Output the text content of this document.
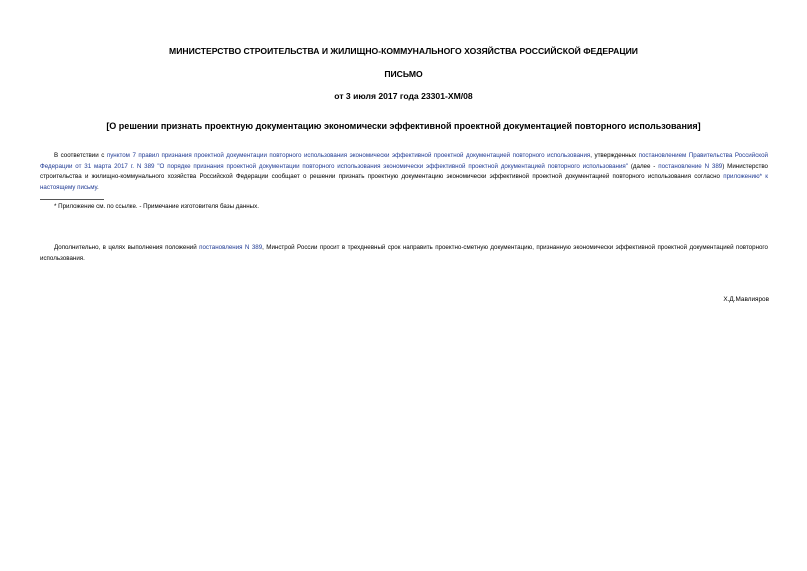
МИНИСТЕРСТВО СТРОИТЕЛЬСТВА И ЖИЛИЩНО-КОММУНАЛЬНОГО ХОЗЯЙСТВА РОССИЙСКОЙ ФЕДЕРАЦИИ
ПИСЬМО
от 3 июля 2017 года 23301-ХМ/08
[О решении признать проектную документацию экономически эффективной проектной документацией повторного использования]
В соответствии с пунктом 7 правил признания проектной документации повторного использования экономически эффективной проектной документацией повторного использования, утвержденных постановлением Правительства Российской Федерации от 31 марта 2017 г. N 389 "О порядке признания проектной документации повторного использования экономически эффективной проектной документацией повторного использования" (далее - постановление N 389) Министерство строительства и жилищно-коммунального хозяйства Российской Федерации сообщает о решении признать проектную документацию экономически эффективной проектной документацией повторного использования согласно приложению* к настоящему письму.
* Приложение см. по ссылке. - Примечание изготовителя базы данных.
Дополнительно, в целях выполнения положений постановления N 389, Минстрой России просит в трехдневный срок направить проектно-сметную документацию, признанную экономически эффективной проектной документацией повторного использования.
Х.Д.Мавлияров
